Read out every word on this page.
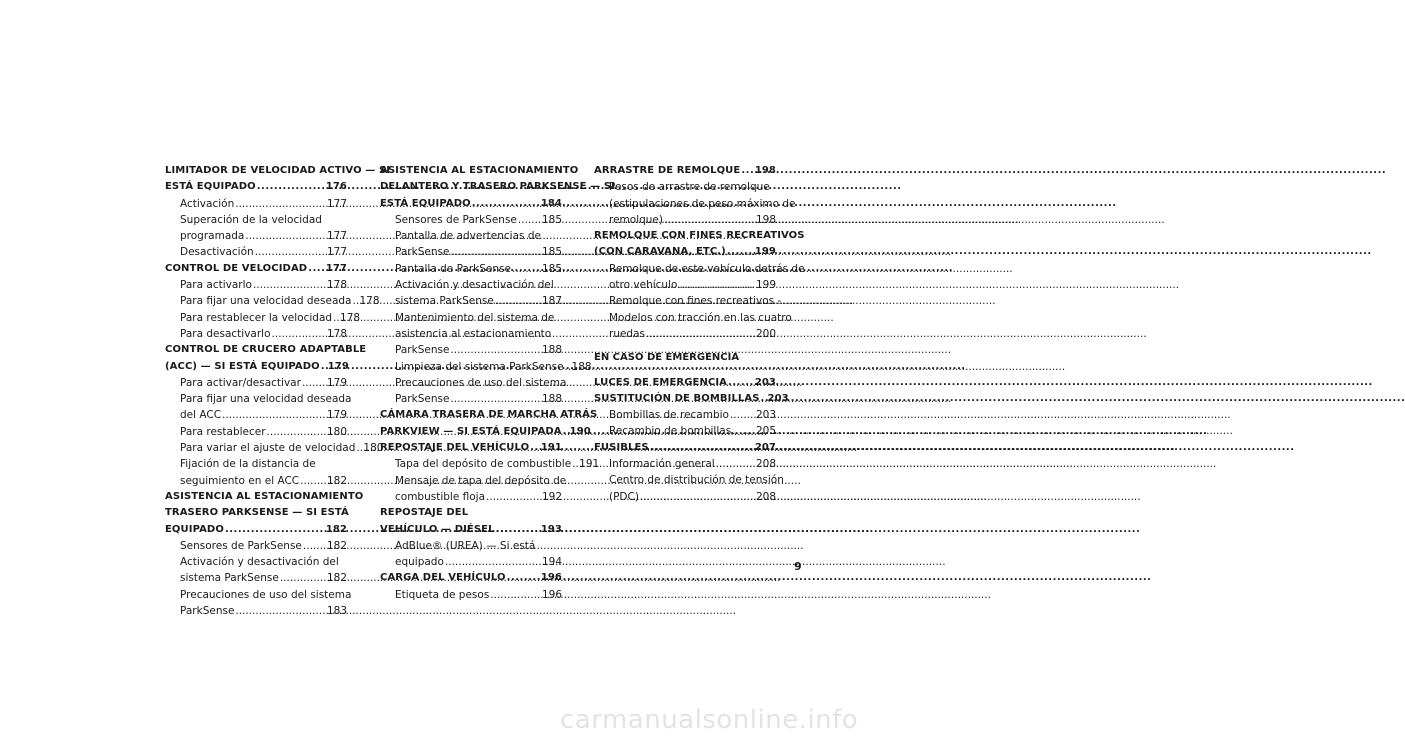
LIMITADOR DE VELOCIDAD ACTIVO — SI
ESTÁ EQUIPADO .....	176
Activación .....	177
Superación de la velocidad
programada .....	177
Desactivación .....	177
CONTROL DE VELOCIDAD ..... 177
Para activarlo .....	178
Para fijar una velocidad deseada ..... 178
Para restablecer la velocidad ..... 178
Para desactivarlo .....	178
CONTROL DE CRUCERO ADAPTABLE
(ACC) — SI ESTÁ EQUIPADO ..... 179
Para activar/desactivar ..... 179
Para fijar una velocidad deseada
del ACC .....	179
Para restablecer .....	180
Para variar el ajuste de velocidad ..... 180
Fijación de la distancia de
seguimiento en el ACC .....	182
ASISTENCIA AL ESTACIONAMIENTO
TRASERO PARKSENSE — SI ESTÁ
EQUIPADO .....	182
Sensores de ParkSense ..... 182
Activación y desactivación del
sistema ParkSense .....	182
Precauciones de uso del sistema
ParkSense .....	183
ASISTENCIA AL ESTACIONAMIENTO
DELANTERO Y TRASERO PARKSENSE — SI
ESTÁ EQUIPADO .....	184
Sensores de ParkSense ..... 185
Pantalla de advertencias de
ParkSense .....	185
Pantalla de ParkSense .....	185
Activación y desactivación del
sistema ParkSense .....	187
Mantenimiento del sistema de
asistencia al estacionamiento
ParkSense .....	188
Limpieza del sistema ParkSense ..... 188
Precauciones de uso del sistema
ParkSense .....	188
CÁMARA TRASERA DE MARCHA ATRÁS
PARKVIEW — SI ESTÁ EQUIPADA ..... 190
REPOSTAJE DEL VEHÍCULO ..... 191
Tapa del depósito de combustible ..... 191
Mensaje de tapa del depósito de
combustible floja .....	192
REPOSTAJE DEL
VEHÍCULO — DIÉSEL .....	193
AdBlue® (UREA) — Si está
equipado .....	194
CARGA DEL VEHÍCULO .....	196
Etiqueta de pesos .....	196
ARRASTRE DE REMOLQUE ..... 198
Pesos de arrastre de remolque
(estipulaciones de peso máximo de
remolque) .....	198
REMOLQUE CON FINES RECREATIVOS
(CON CARAVANA, ETC.) .....	199
Remolque de este vehículo detrás de
otro vehículo .....	199
Remolque con fines recreativos -
Modelos con tracción en las cuatro
ruedas .....	200
EN CASO DE EMERGENCIA
LUCES DE EMERGENCIA .....	203
SUSTITUCIÓN DE BOMBILLAS ..... 203
Bombillas de recambio .....	203
Recambio de bombillas ..... 205
FUSIBLES .....	207
Información general .....	208
Centro de distribución de tensión
(PDC) .....	208
9
carmanualsonline.info
